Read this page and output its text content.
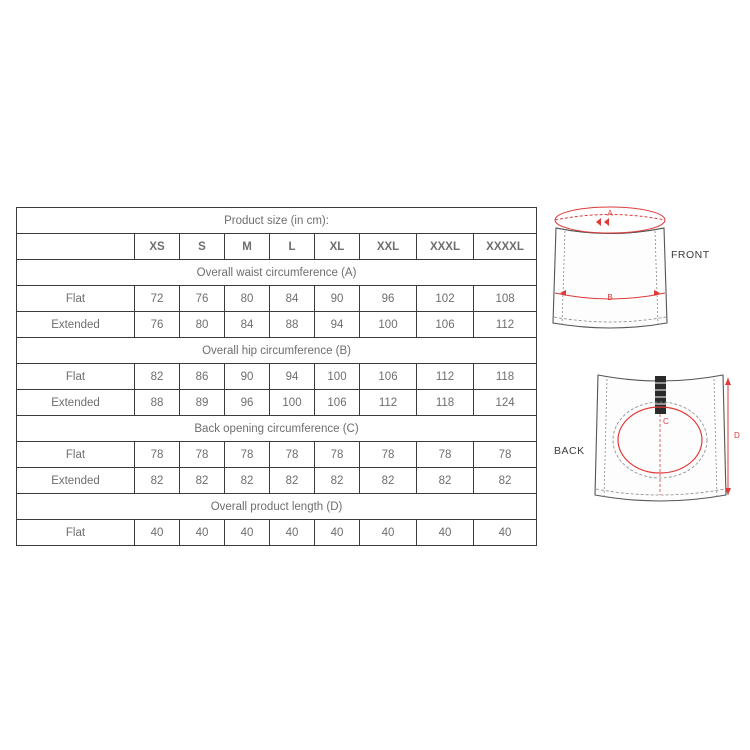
Product size (in cm):								
	XS	S	M	L	XL	XXL	XXXL	XXXXL
Overall waist circumference (A)								
Flat	72	76	80	84	90	96	102	108
Extended	76	80	84	88	94	100	106	112
Overall hip circumference (B)								
Flat	82	86	90	94	100	106	112	118
Extended	88	89	96	100	106	112	118	124
Back opening circumference (C)								
Flat	78	78	78	78	78	78	78	78
Extended	82	82	82	82	82	82	82	82
Overall product length (D)								
Flat	40	40	40	40	40	40	40	40
A
B
C
D
FRONT
BACK
